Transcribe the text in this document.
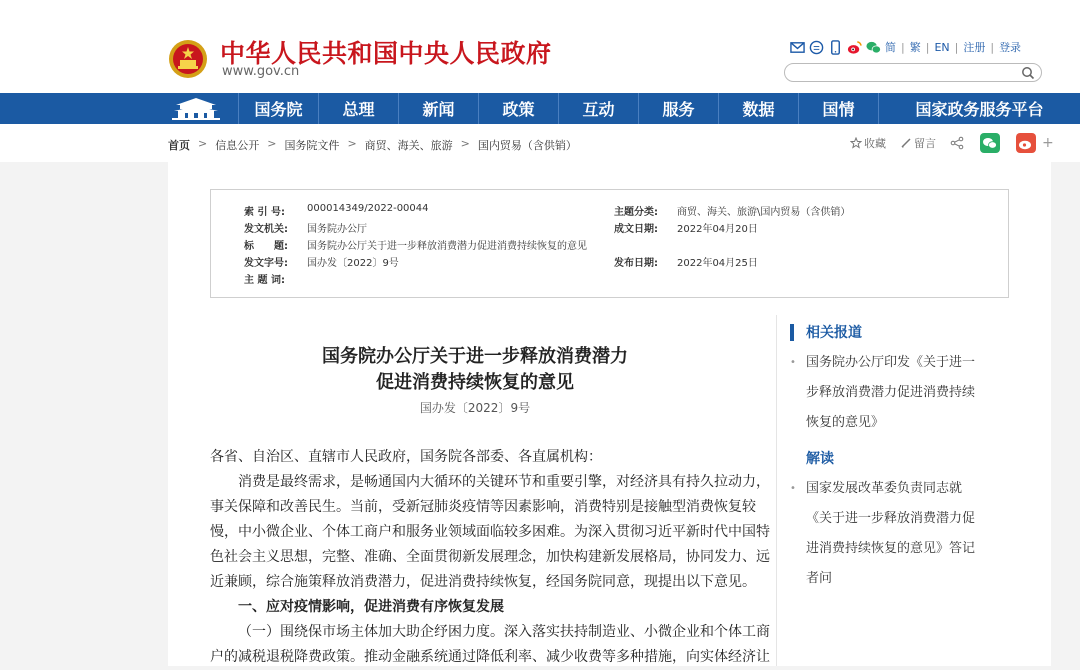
中华人民共和国中央人民政府
www.gov.cn
简 | 繁 | EN | 注册 | 登录
国务院	总理	新闻	政策	互动	服务	数据	国情	国家政务服务平台
首页 > 信息公开 > 国务院文件 > 商贸、海关、旅游 > 国内贸易（含供销）	收藏	留言	+
索 引 号:	000014349/2022-00044	主题分类:	商贸、海关、旅游\国内贸易（含供销）
发文机关:	国务院办公厅	成文日期:	2022年04月20日
标　　题:	国务院办公厅关于进一步释放消费潜力促进消费持续恢复的意见
发文字号:	国办发〔2022〕9号	发布日期:	2022年04月25日
主 题 词:
国务院办公厅关于进一步释放消费潜力
促进消费持续恢复的意见
国办发〔2022〕9号

各省、自治区、直辖市人民政府，国务院各部委、各直属机构：

消费是最终需求，是畅通国内大循环的关键环节和重要引擎，对经济具有持久拉动力，

事关保障和改善民生。当前，受新冠肺炎疫情等因素影响，消费特别是接触型消费恢复较

慢，中小微企业、个体工商户和服务业领域面临较多困难。为深入贯彻习近平新时代中国特

色社会主义思想，完整、准确、全面贯彻新发展理念，加快构建新发展格局，协同发力、远

近兼顾，综合施策释放消费潜力，促进消费持续恢复，经国务院同意，现提出以下意见。

一、应对疫情影响，促进消费有序恢复发展

（一）围绕保市场主体加大助企纾困力度。深入落实扶持制造业、小微企业和个体工商

户的减税退税降费政策。推动金融系统通过降低利率、减少收费等多种措施，向实体经济让

相关报道
• 国务院办公厅印发《关于进一
步释放消费潜力促进消费持续
恢复的意见》
解读
• 国家发展改革委负责同志就
《关于进一步释放消费潜力促
进消费持续恢复的意见》答记
者问
